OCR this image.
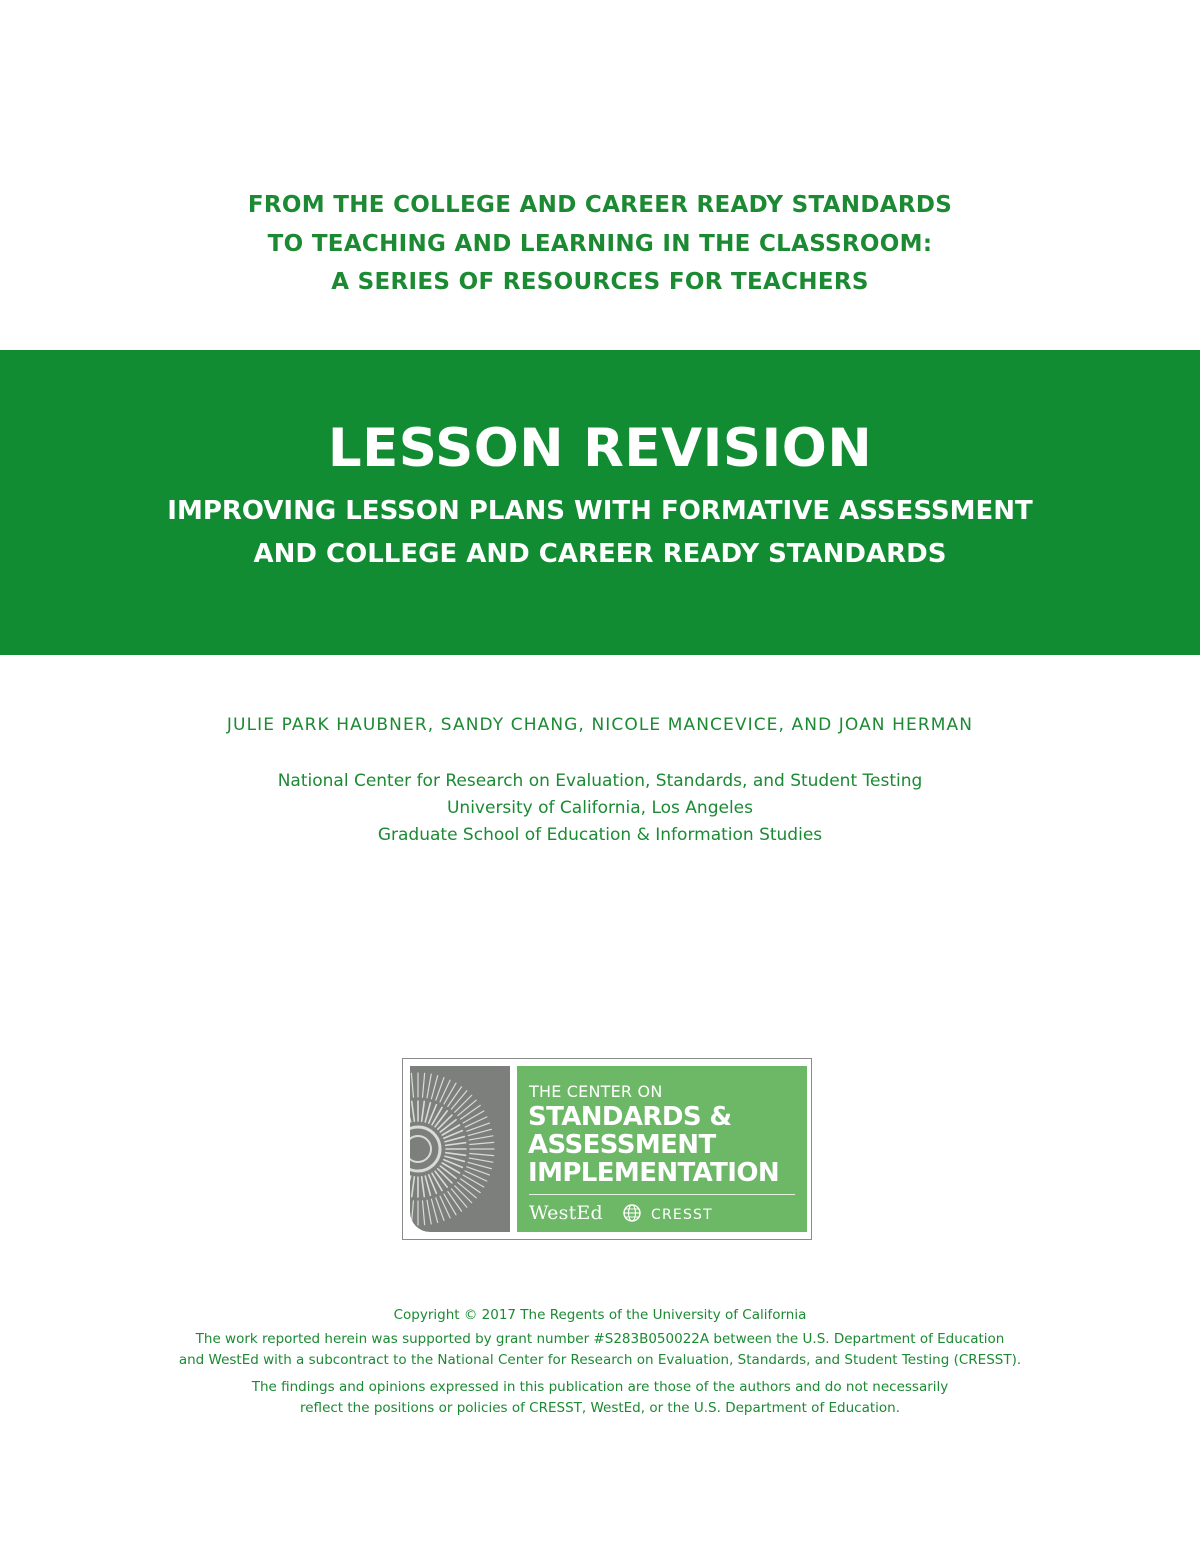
FROM THE COLLEGE AND CAREER READY STANDARDS
TO TEACHING AND LEARNING IN THE CLASSROOM:
A SERIES OF RESOURCES FOR TEACHERS
LESSON REVISION
IMPROVING LESSON PLANS WITH FORMATIVE ASSESSMENT
AND COLLEGE AND CAREER READY STANDARDS
JULIE PARK HAUBNER, SANDY CHANG, NICOLE MANCEVICE, AND JOAN HERMAN
National Center for Research on Evaluation, Standards, and Student Testing
University of California, Los Angeles
Graduate School of Education & Information Studies
THE CENTER ON
STANDARDS &
ASSESSMENT
IMPLEMENTATION
WestEd	CRESST
Copyright © 2017 The Regents of the University of California
The work reported herein was supported by grant number #S283B050022A between the U.S. Department of Education
and WestEd with a subcontract to the National Center for Research on Evaluation, Standards, and Student Testing (CRESST).
The findings and opinions expressed in this publication are those of the authors and do not necessarily
reflect the positions or policies of CRESST, WestEd, or the U.S. Department of Education.
